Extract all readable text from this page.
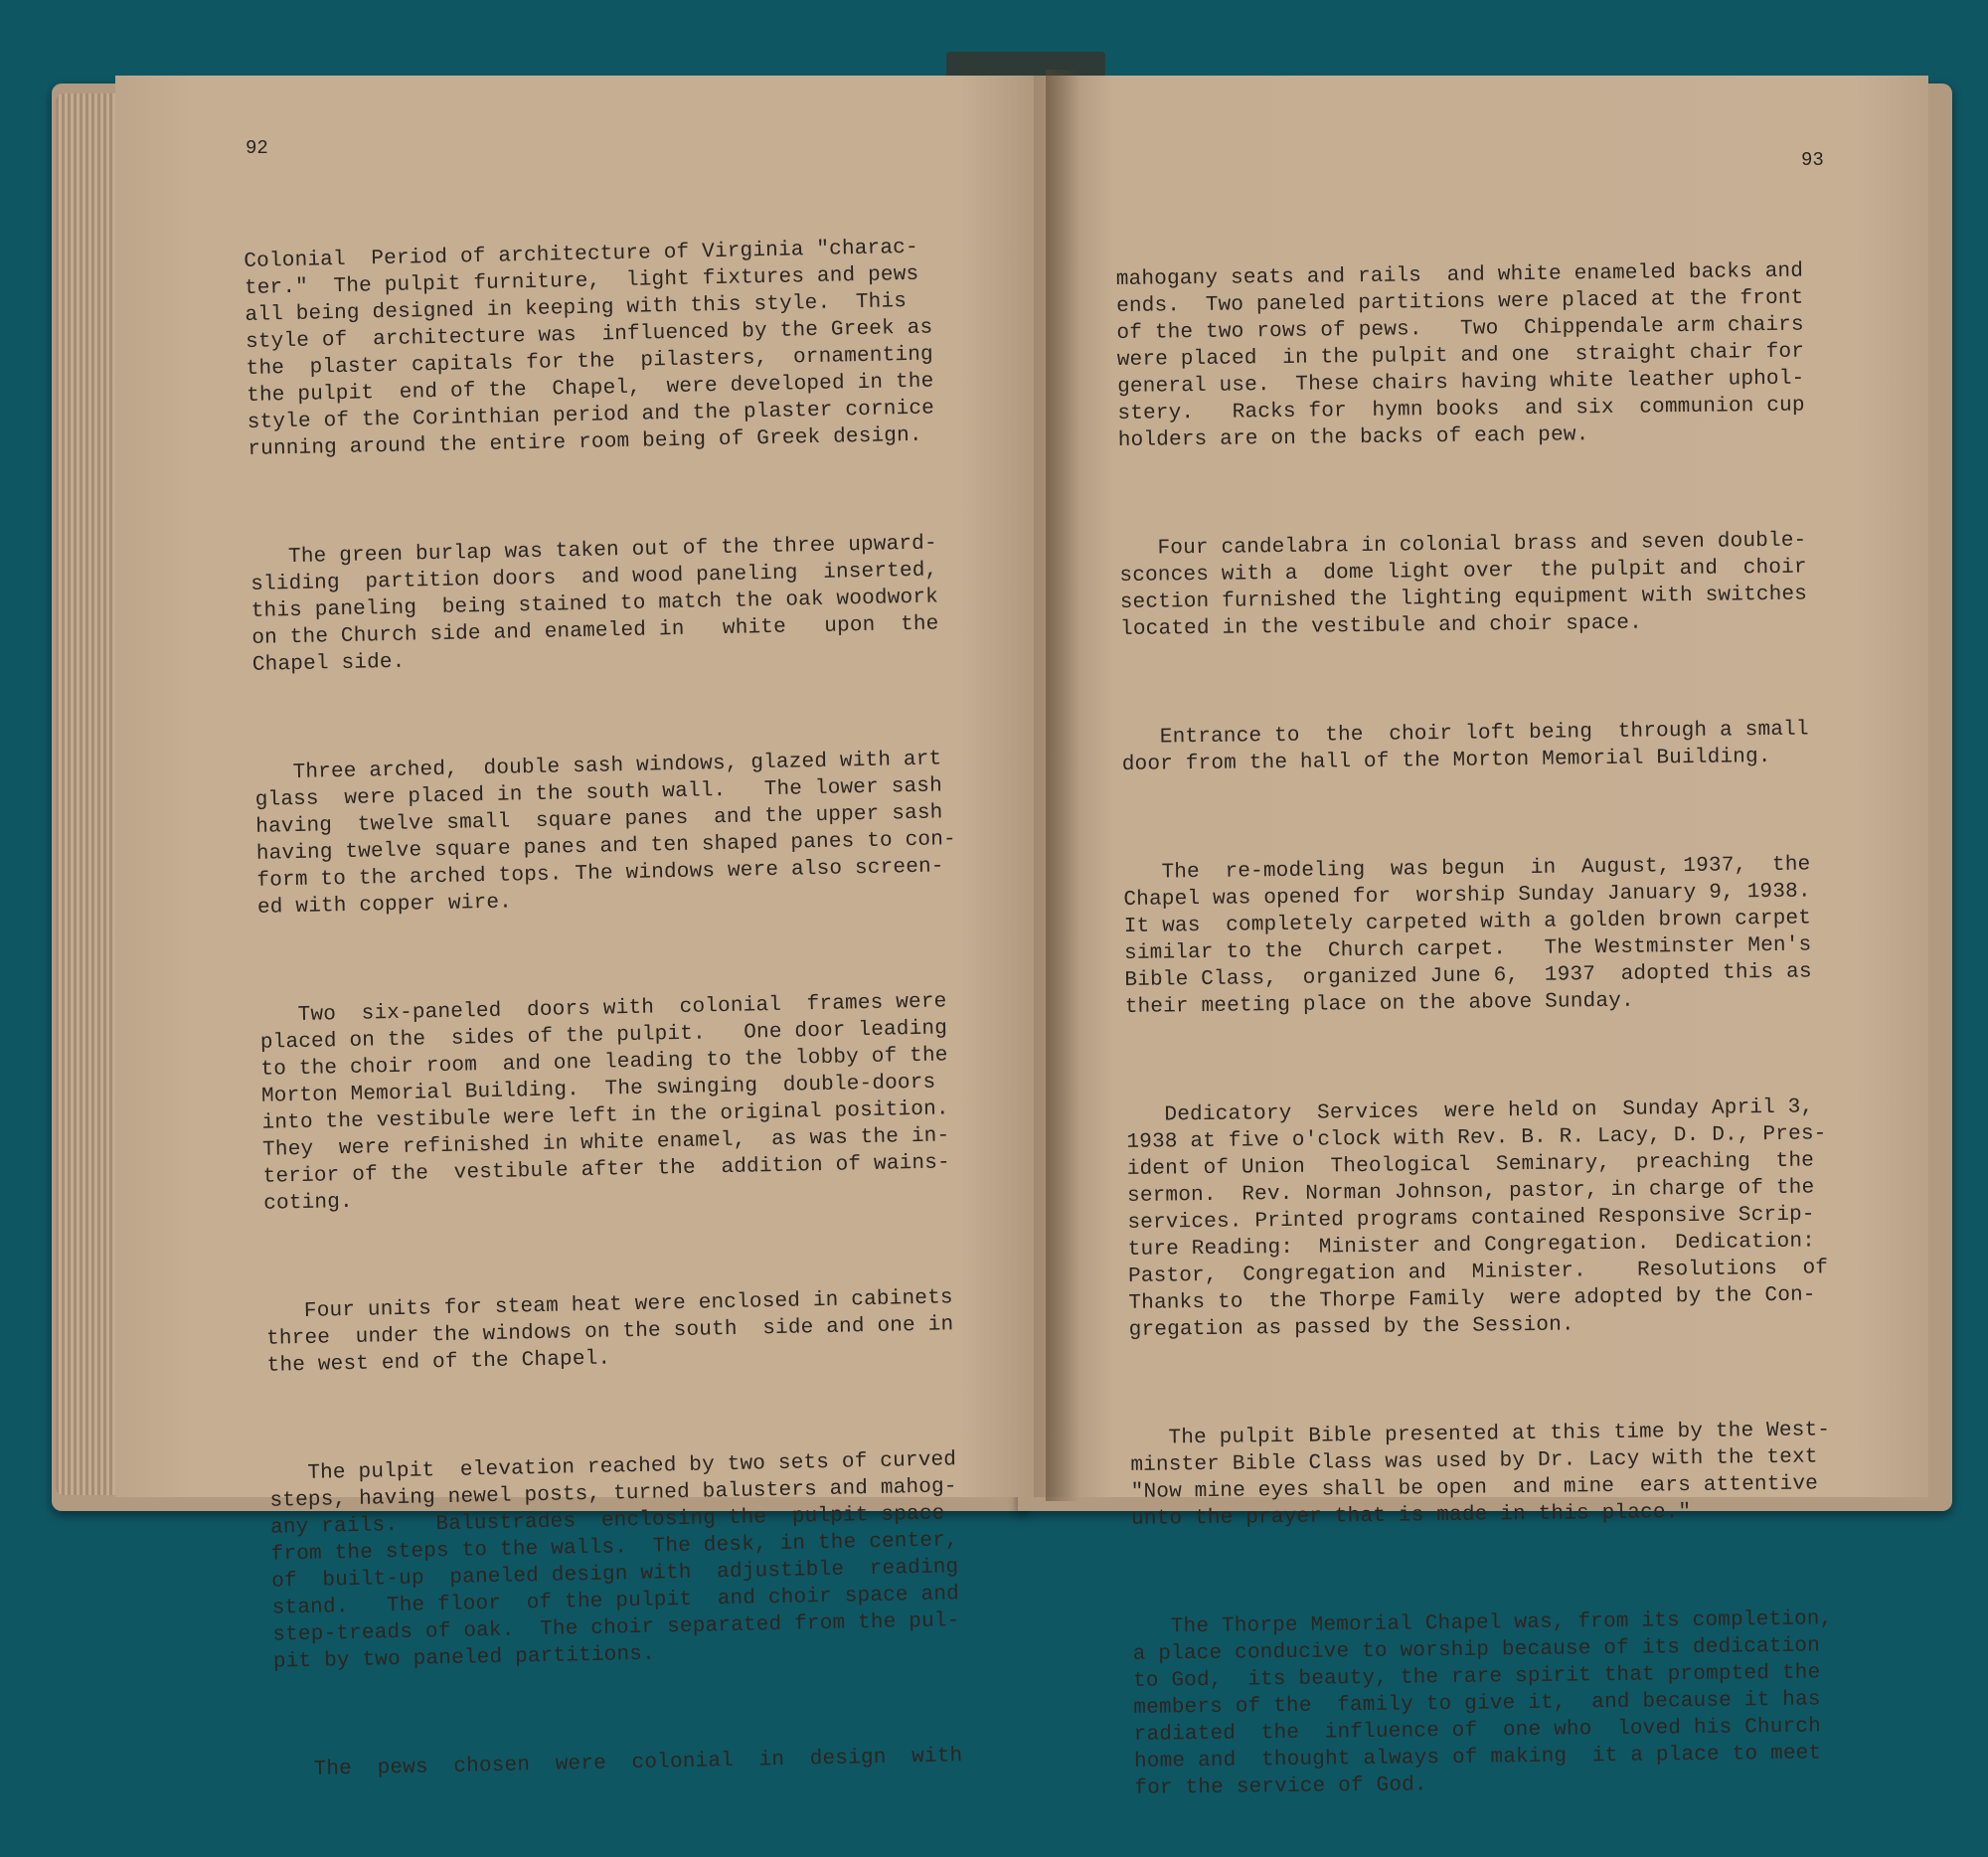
92
93

Colonial  Period of architecture of Virginia "charac-
ter."  The pulpit furniture,  light fixtures and pews
all being designed in keeping with this style.  This
style of  architecture was  influenced by the Greek as
the  plaster capitals for the  pilasters,  ornamenting
the pulpit  end of the  Chapel,  were developed in the
style of the Corinthian period and the plaster cornice
running around the entire room being of Greek design.

The green burlap was taken out of the three upward-
sliding  partition doors  and wood paneling  inserted,
this paneling  being stained to match the oak woodwork
on the Church side and enameled in   white   upon  the
Chapel side.

Three arched,  double sash windows, glazed with art
glass  were placed in the south wall.   The lower sash
having  twelve small  square panes  and the upper sash
having twelve square panes and ten shaped panes to con-
form to the arched tops. The windows were also screen-
ed with copper wire.

Two  six-paneled  doors with  colonial  frames were
placed on the  sides of the pulpit.   One door leading
to the choir room  and one leading to the lobby of the
Morton Memorial Building.  The swinging  double-doors
into the vestibule were left in the original position.
They  were refinished in white enamel,  as was the in-
terior of the  vestibule after the  addition of wains-
coting.

Four units for steam heat were enclosed in cabinets
three  under the windows on the south  side and one in
the west end of the Chapel.

The pulpit  elevation reached by two sets of curved
steps, having newel posts, turned balusters and mahog-
any rails.   Balustrades  enclosing the  pulpit space
from the steps to the walls.  The desk, in the center,
of  built-up  paneled design with  adjustible  reading
stand.   The floor  of the pulpit  and choir space and
step-treads of oak.  The choir separated from the pul-
pit by two paneled partitions.

The  pews  chosen  were  colonial  in  design  with

mahogany seats and rails  and white enameled backs and
ends.  Two paneled partitions were placed at the front
of the two rows of pews.   Two  Chippendale arm chairs
were placed  in the pulpit and one  straight chair for
general use.  These chairs having white leather uphol-
stery.   Racks for  hymn books  and six  communion cup
holders are on the backs of each pew.

Four candelabra in colonial brass and seven double-
sconces with a  dome light over  the pulpit and  choir
section furnished the lighting equipment with switches
located in the vestibule and choir space.

Entrance to  the  choir loft being  through a small
door from the hall of the Morton Memorial Building.

The  re-modeling  was begun  in  August, 1937,  the
Chapel was opened for  worship Sunday January 9, 1938.
It was  completely carpeted with a golden brown carpet
similar to the  Church carpet.   The Westminster Men's
Bible Class,  organized June 6,  1937  adopted this as
their meeting place on the above Sunday.

Dedicatory  Services  were held on  Sunday April 3,
1938 at five o'clock with Rev. B. R. Lacy, D. D., Pres-
ident of Union  Theological  Seminary,  preaching  the
sermon.  Rev. Norman Johnson, pastor, in charge of the
services. Printed programs contained Responsive Scrip-
ture Reading:  Minister and Congregation.  Dedication:
Pastor,  Congregation and  Minister.    Resolutions  of
Thanks to  the Thorpe Family  were adopted by the Con-
gregation as passed by the Session.

The pulpit Bible presented at this time by the West-
minster Bible Class was used by Dr. Lacy with the text
"Now mine eyes shall be open  and mine  ears attentive
unto the prayer that is made in this place."

The Thorpe Memorial Chapel was, from its completion,
a place conducive to worship because of its dedication
to God,  its beauty, the rare spirit that prompted the
members of the  family to give it,  and because it has
radiated  the  influence of  one who  loved his Church
home and  thought always of making  it a place to meet
for the service of God.
